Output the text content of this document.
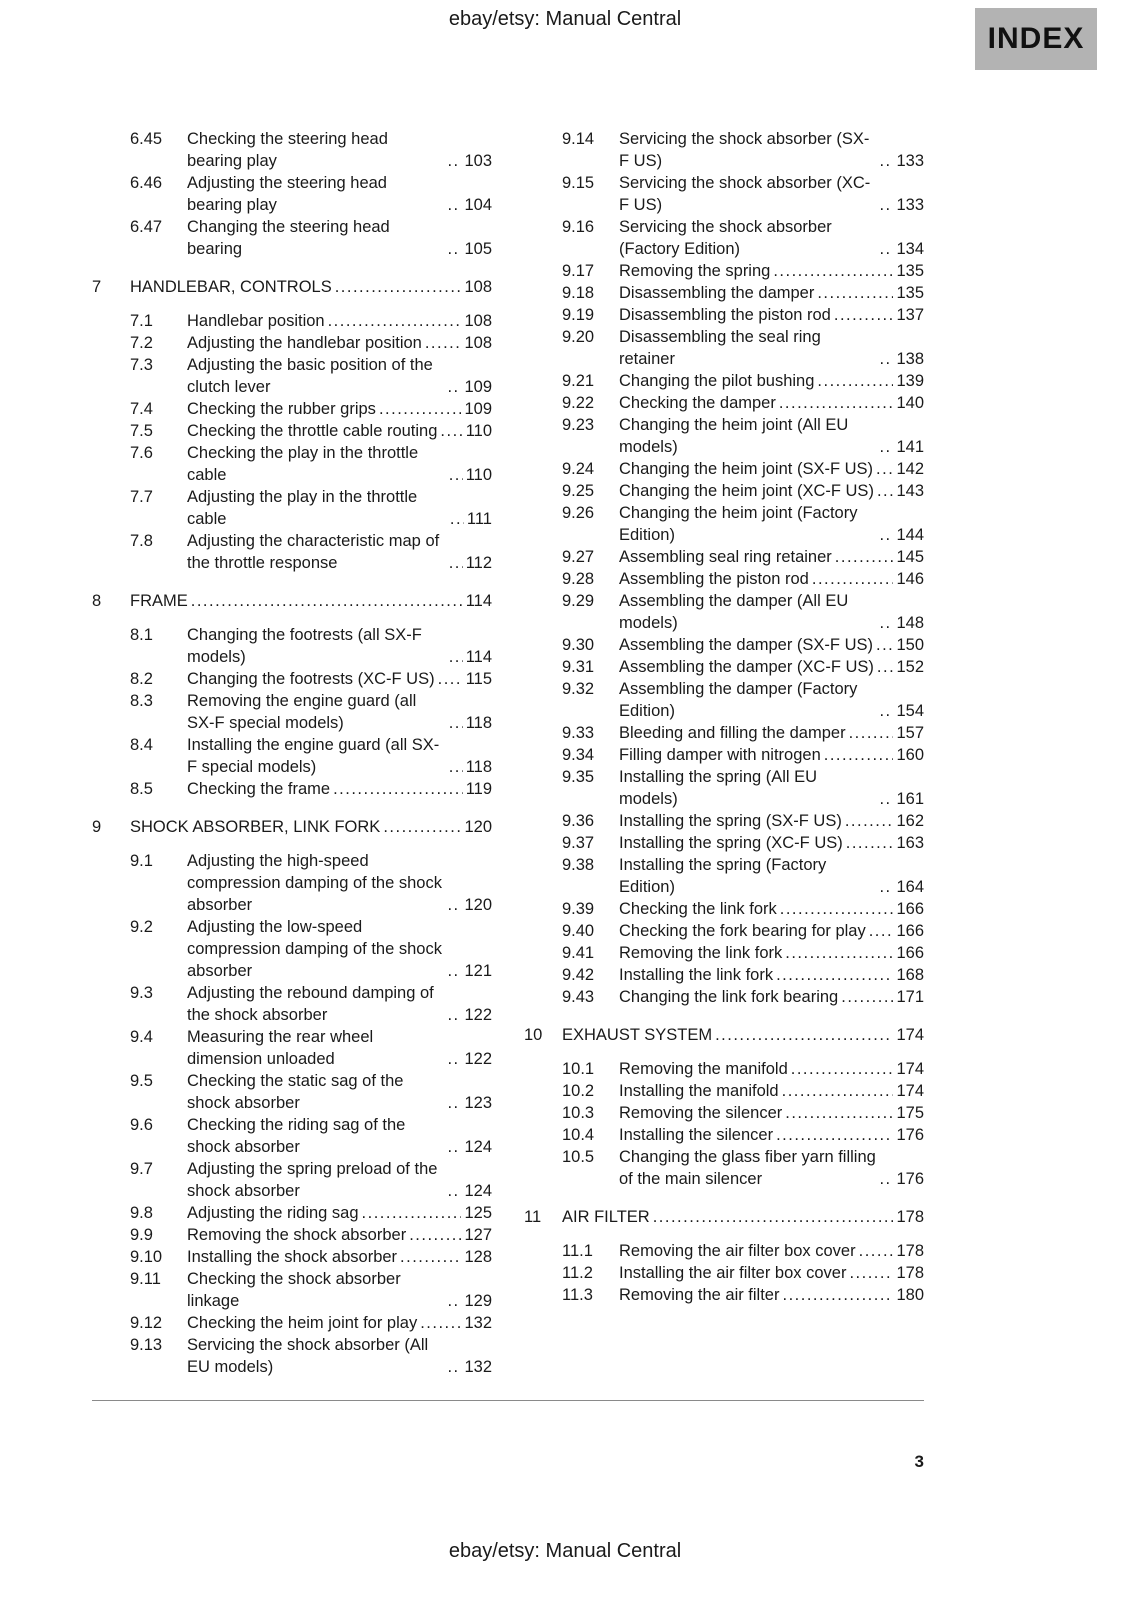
ebay/etsy: Manual Central
INDEX
6.45	Checking the steering head bearing play .....	103
6.46	Adjusting the steering head bearing play .....	104
6.47	Changing the steering head bearing .....	105
7	HANDLEBAR, CONTROLS .....	108
7.1	Handlebar position .....	108
7.2	Adjusting the handlebar position .....	108
7.3	Adjusting the basic position of the clutch lever .....	109
7.4	Checking the rubber grips .....	109
7.5	Checking the throttle cable routing ..... 110
7.6	Checking the play in the throttle cable .....	110
7.7	Adjusting the play in the throttle cable .....	111
7.8	Adjusting the characteristic map of the throttle response .....	112
8	FRAME .....	114
8.1	Changing the footrests (all SX-F models) .....	114
8.2	Changing the footrests (XC-F US) ..... 115
8.3	Removing the engine guard (all SX-F special models) .....	118
8.4	Installing the engine guard (all SX-F special models) .....	118
8.5	Checking the frame .....	119
9	SHOCK ABSORBER, LINK FORK .....	120
9.1	Adjusting the high-speed compression damping of the shock absorber .....	120
9.2	Adjusting the low-speed compression damping of the shock absorber .....	121
9.3	Adjusting the rebound damping of the shock absorber .....	122
9.4	Measuring the rear wheel dimension unloaded .....	122
9.5	Checking the static sag of the shock absorber .....	123
9.6	Checking the riding sag of the shock absorber .....	124
9.7	Adjusting the spring preload of the shock absorber .....	124
9.8	Adjusting the riding sag .....	125
9.9	Removing the shock absorber .....	127
9.10	Installing the shock absorber .....	128
9.11	Checking the shock absorber linkage .....	129
9.12	Checking the heim joint for play .....	132
9.13	Servicing the shock absorber (All EU models) .....	132
9.14	Servicing the shock absorber (SX-F US) .....	133
9.15	Servicing the shock absorber (XC-F US) .....	133
9.16	Servicing the shock absorber (Factory Edition) .....	134
9.17	Removing the spring .....	135
9.18	Disassembling the damper .....	135
9.19	Disassembling the piston rod .....	137
9.20	Disassembling the seal ring retainer .....	138
9.21	Changing the pilot bushing .....	139
9.22	Checking the damper .....	140
9.23	Changing the heim joint (All EU models) .....	141
9.24	Changing the heim joint (SX-F US) ..... 142
9.25	Changing the heim joint (XC-F US) ..... 143
9.26	Changing the heim joint (Factory Edition) .....	144
9.27	Assembling seal ring retainer .....	145
9.28	Assembling the piston rod .....	146
9.29	Assembling the damper (All EU models) .....	148
9.30	Assembling the damper (SX-F US) ..... 150
9.31	Assembling the damper (XC-F US) ..... 152
9.32	Assembling the damper (Factory Edition) .....	154
9.33	Bleeding and filling the damper .....	157
9.34	Filling damper with nitrogen .....	160
9.35	Installing the spring (All EU models) .....	161
9.36	Installing the spring (SX-F US) .....	162
9.37	Installing the spring (XC-F US) .....	163
9.38	Installing the spring (Factory Edition) .....	164
9.39	Checking the link fork .....	166
9.40	Checking the fork bearing for play ..... 166
9.41	Removing the link fork .....	166
9.42	Installing the link fork .....	168
9.43	Changing the link fork bearing .....	171
10	EXHAUST SYSTEM .....	174
10.1	Removing the manifold .....	174
10.2	Installing the manifold .....	174
10.3	Removing the silencer .....	175
10.4	Installing the silencer .....	176
10.5	Changing the glass fiber yarn filling of the main silencer .....	176
11	AIR FILTER .....	178
11.1	Removing the air filter box cover ..... 178
11.2	Installing the air filter box cover .....	178
11.3	Removing the air filter .....	180
3
ebay/etsy: Manual Central
